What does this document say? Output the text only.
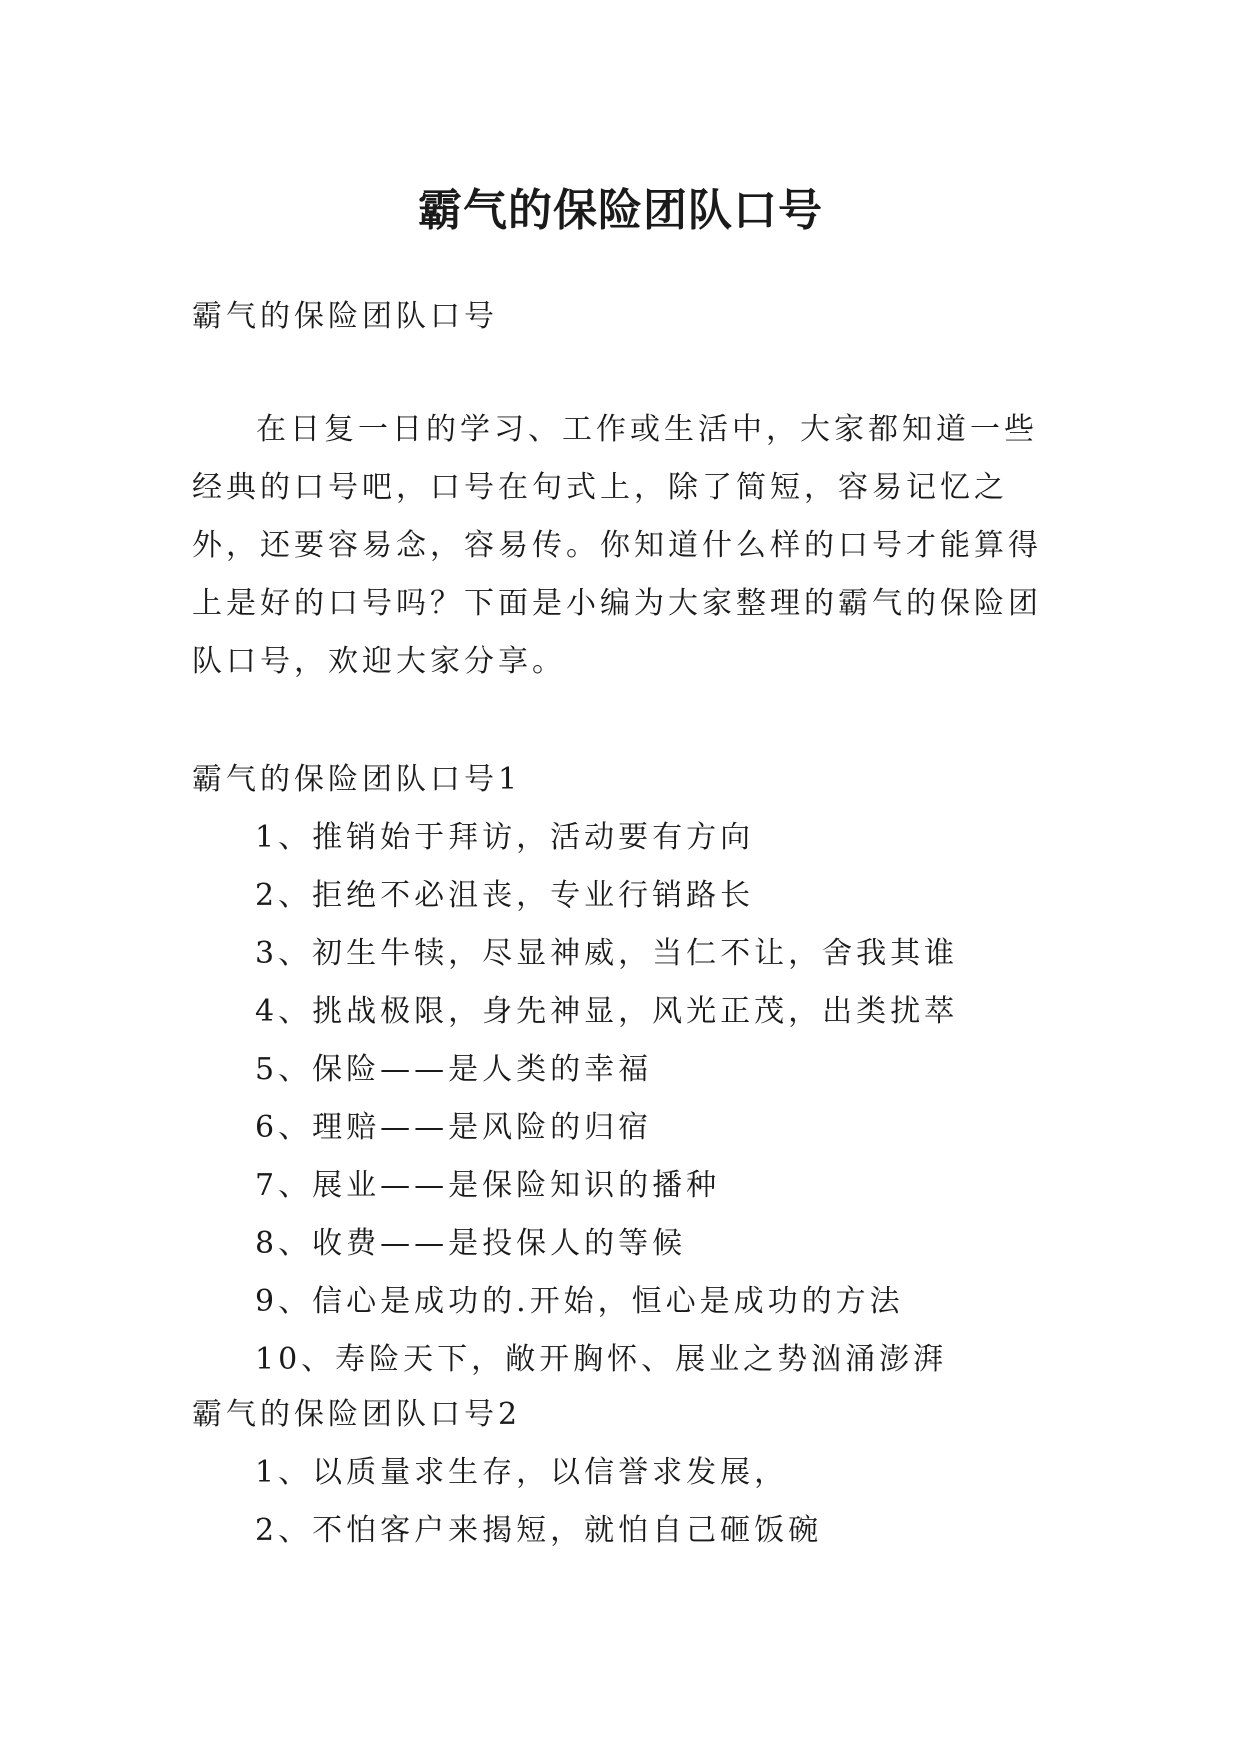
霸气的保险团队口号

霸气的保险团队口号

在日复一日的学习、工作或生活中，大家都知道一些经典的口号吧，口号在句式上，除了简短，容易记忆之外，还要容易念，容易传。你知道什么样的口号才能算得上是好的口号吗？下面是小编为大家整理的霸气的保险团队口号，欢迎大家分享。

霸气的保险团队口号1

1、推销始于拜访，活动要有方向
2、拒绝不必沮丧，专业行销路长
3、初生牛犊，尽显神威，当仁不让，舍我其谁
4、挑战极限，身先神显，风光正茂，出类扰萃
5、保险——是人类的幸福
6、理赔——是风险的归宿
7、展业——是保险知识的播种
8、收费——是投保人的等候
9、信心是成功的.开始，恒心是成功的方法
10、寿险天下，敞开胸怀、展业之势汹涌澎湃

霸气的保险团队口号2

1、以质量求生存，以信誉求发展，
2、不怕客户来揭短，就怕自己砸饭碗
